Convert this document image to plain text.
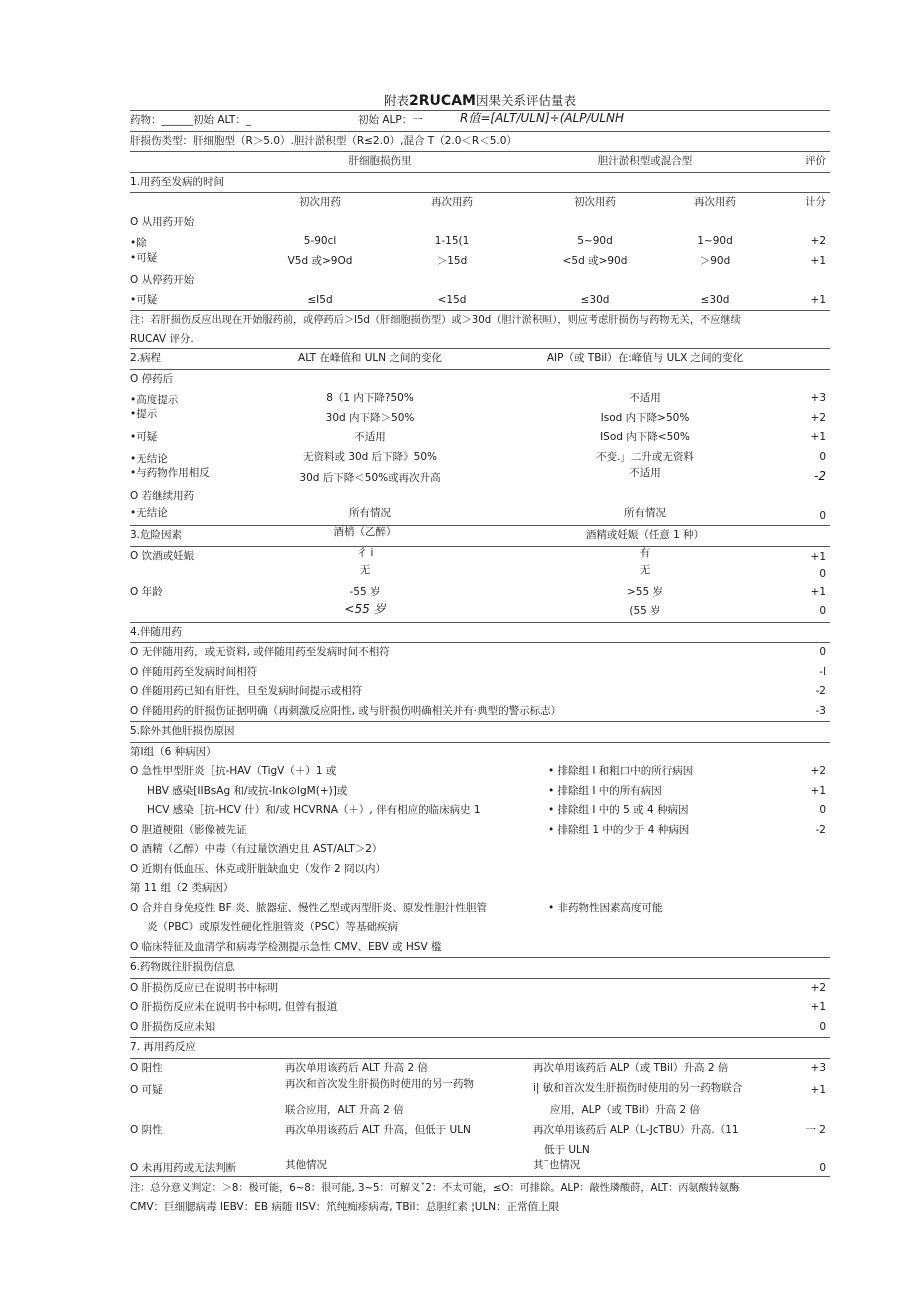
附表2RUCAM因果关系评估量表
药物：______初始 ALT：_	初始 ALP：一	R值=[ALT/ULN]÷(ALP/ULNH
肝损伤类型：肝细胞型（R＞5.0）.胆汁淤积型（R≤2.0）,混合 T（2.0＜R＜5.0）
肝细胞损伤里	胆汁淤积型或混合型	评价
1.用药至发病的时间
初次用药	再次用药	初次用药	再次用药	计分
O 从用药开始
•除	5-90cl	1-15(1	5~90d	1~90d	+2
•可疑	V5d 或>9Od	＞15d	<5d 或>90d	＞90d	+1
O 从停药开始
•可疑	≤I5d	<15d	≤30d	≤30d	+1
注：若肝损伤反应出现在开始服药前，或停药后＞l5d（肝细胞损伤型）或＞30d（胆汁淤积晅），则应考虑肝损伤与药物无关，不应继续
RUCAV 评分.
2.病程	ALT 在峰值和 ULN 之间的变化	AIP（或 TBil）在:峰值与 ULX 之间的变化
O 停药后
•高度提示	8（1 内下降?50%	不适用	+3
•提示	30d 内下降＞50%	Isod 内下降>50%	+2
•可疑	不适用	ISod 内下降<50%	+1
•无结论	无资料或 30d 后下降》50%	不变.」二升或无资料	0
•与药物作用相反	30d 后下降＜50%或再次升高	不适用	-2
O 若继续用药
•无结论	所有情况	所有情况	0
3.危险因素	酒梢（乙醉）	酒精或妊娠（任意 1 种）
O 饮酒或妊娠	彳 i	有	+1
无	无	0
O 年龄	-55 岁	>55 岁	+1
<55 岁	(55 岁	0
4.伴随用药
O 无伴随用药，或无资料, 或伴随用药至发病时间不相符	0
O 伴随用药至发病时间相符	-l
O 伴随用药已知有肝性，旦至发病时间提示或相符	-2
O 伴随用药的肝损伤证据明确（再刺激反应阳性, 或与肝损伤明确相关并有·典型的警示标志）	-3
5.除外其他肝损伤原因
第Ⅰ组（6 种病因）
O 急性甲型肝炎［抗-HAV（TigV（＋）1 或	• 排除组 I 和粗口中的所行病因	+2
HBV 感染[IIBsAg 和/或抗-Ink⊙IgM(+)]或	• 排除组 I 中的所有病因	+1
HCV 感染［抗-HCV 什）和/或 HCVRNA（＋）, 伴有相应的临床病史 1	• 排除组 I 中的 5 或 4 种病因	0
O 胆道梗阻（影像被先证	• 排除组 1 中的少于 4 种病因	-2
O 酒精（乙醉）中毒（有过量饮酒史且 AST/ALT＞2）
O 近期有低血压、休克或肝脏缺血史（发作 2 冏以内）
第 11 组（2 类病因）
O 合并自身免疫性 BF 炎、脓器症、慢性乙型或丙型肝炎、原发性胆汁性胆管	• 非药物性因素高度可能
炎（PBC）或原发性硬化性胆管炎（PSC）等基础疾病
O 临床特征及血清学和病毒学检测提示急性 CMV、EBV 或 HSV 槛
6.药物既往肝损伤信息
O 肝损伤反应已在说明书中标明	+2
O 肝损伤反应未在说明书中标明, 但曾有报道	+1
O 肝损伤反应未知	0
7. 再用药反应
O 阳性	再次单用该药后 ALT 升高 2 倍	再次单用该药后 ALP（或 TBil）升高 2 倍	+3
O 可疑	再次和首次发生肝损伤时使用的另一药物	i| 敏和首次发生肝损伤时使用的另一药物联合	+1
联合应用，ALT 升高 2 倍	应用，ALP（或 TBil）升高 2 倍
O 阴性	再次单用该药后 ALT 升高，但低于 ULN	再次单用该药后 ALP（L-JcTBU）升高.（11	一 2
低于 ULN
O 未再用药或无法判断	其他情况	其¨也情况	0
注：总分意义判定：＞8：极可能，6~8：很可能, 3~5：可解义ˇ2：不太可能，≤O：可排除。ALP：敲性璘酸莳，ALT：丙氨酸转氨酶
CMV：巨细腮病毒 IEBV：EB 病随 IISV：笊纯痴疹病毒, TBil：总胆红素 ¦ULN：正常值上限
